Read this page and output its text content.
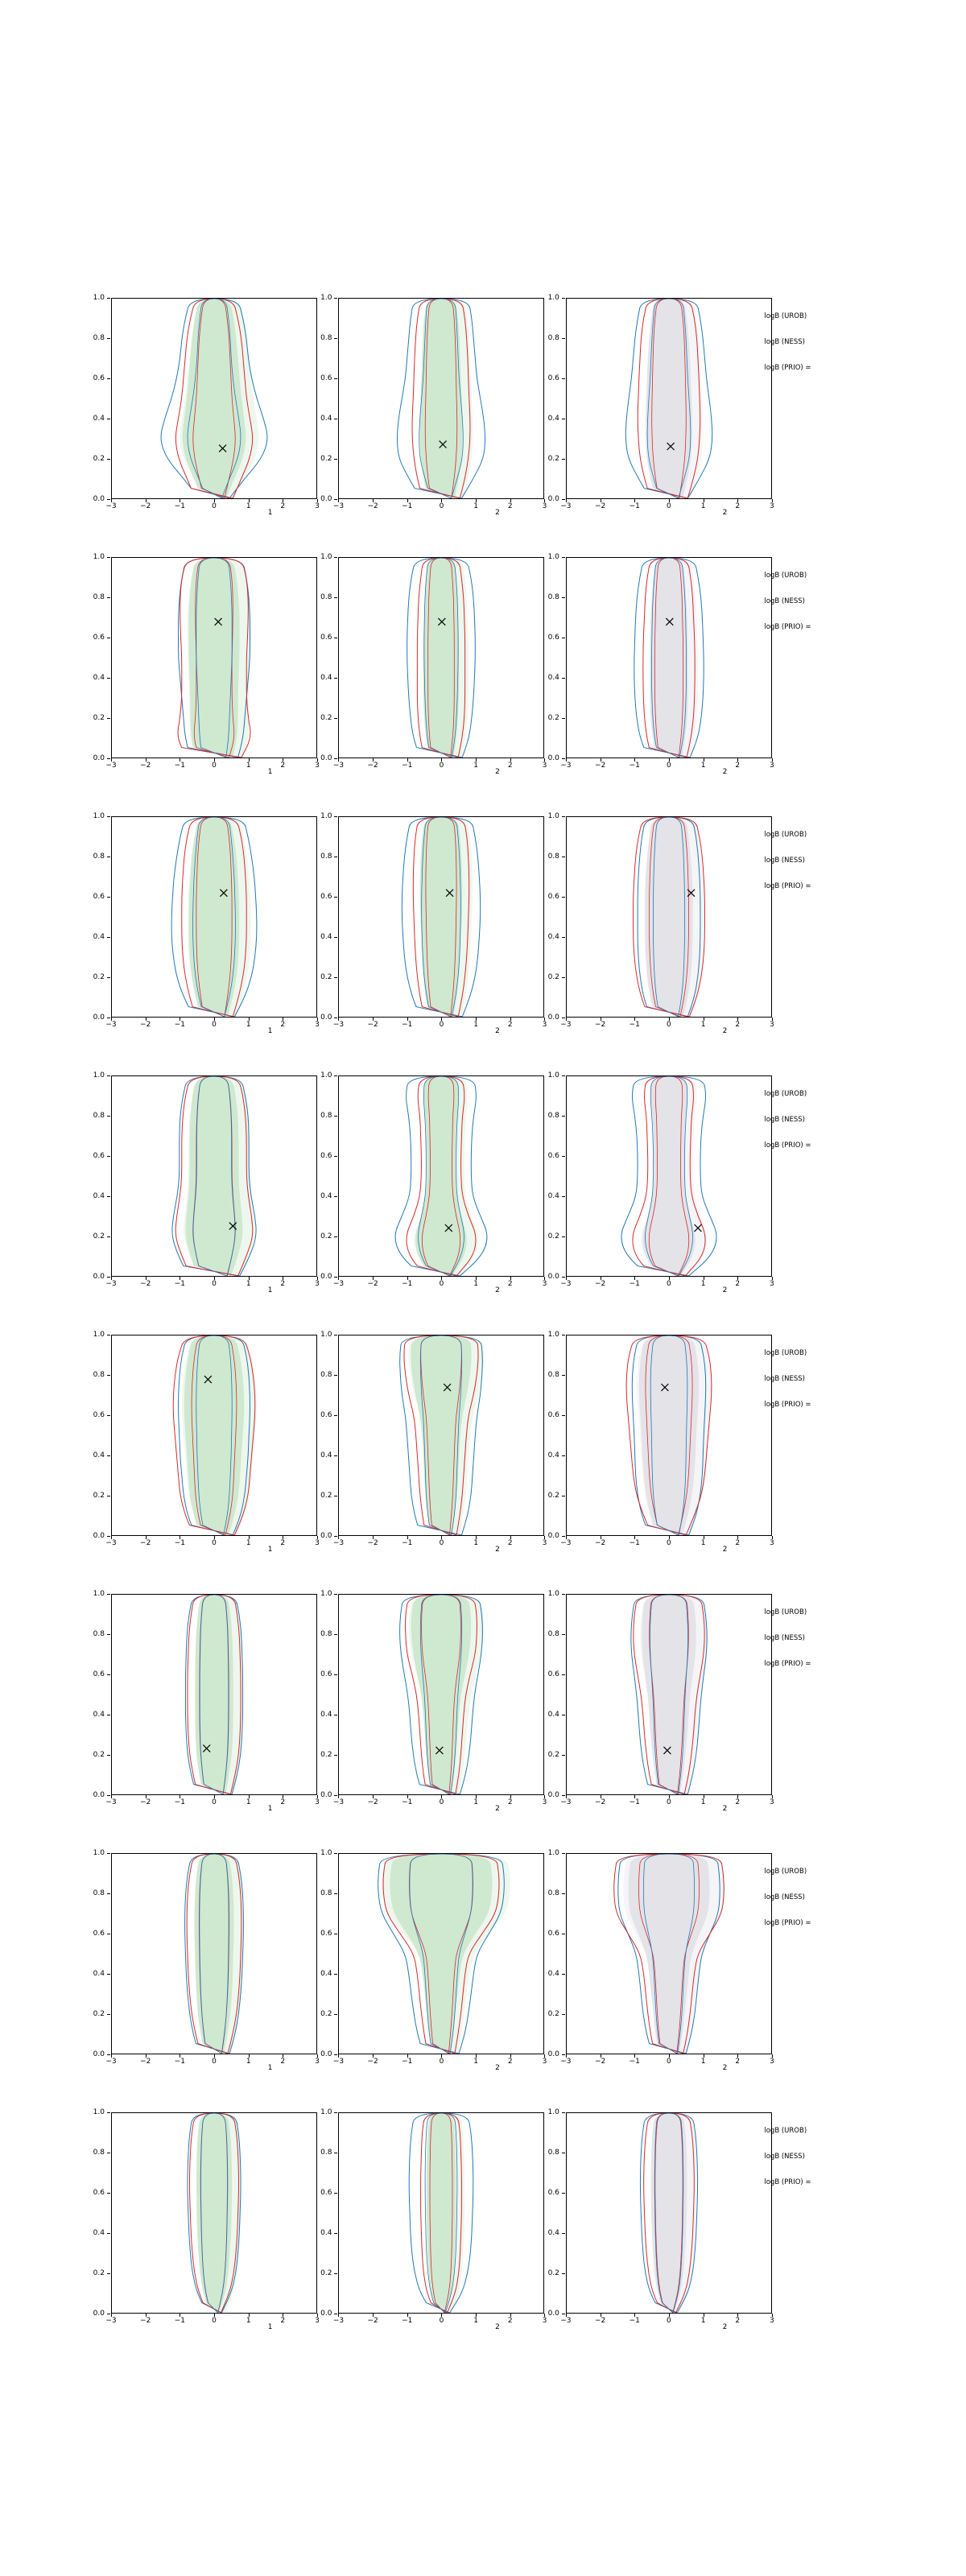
0.0
0.2
0.4
0.6
0.8
1.0
−3	−2	−1	0	1	2	3
1
0.0
0.2
0.4
0.6
0.8
1.0
−3	−2	−1	0	1	2	3
2
0.0
0.2
0.4
0.6
0.8
1.0
−3	−2	−1	0	1	2	3
2
logB (UROB)
logB (NESS)
logB (PRIO) =
0.0
0.2
0.4
0.6
0.8
1.0
−3	−2	−1	0	1	2	3
1
0.0
0.2
0.4
0.6
0.8
1.0
−3	−2	−1	0	1	2	3
2
0.0
0.2
0.4
0.6
0.8
1.0
−3	−2	−1	0	1	2	3
2
logB (UROB)
logB (NESS)
logB (PRIO) =
0.0
0.2
0.4
0.6
0.8
1.0
−3	−2	−1	0	1	2	3
1
0.0
0.2
0.4
0.6
0.8
1.0
−3	−2	−1	0	1	2	3
2
0.0
0.2
0.4
0.6
0.8
1.0
−3	−2	−1	0	1	2	3
2
logB (UROB)
logB (NESS)
logB (PRIO) =
0.0
0.2
0.4
0.6
0.8
1.0
−3	−2	−1	0	1	2	3
1
0.0
0.2
0.4
0.6
0.8
1.0
−3	−2	−1	0	1	2	3
2
0.0
0.2
0.4
0.6
0.8
1.0
−3	−2	−1	0	1	2	3
2
logB (UROB)
logB (NESS)
logB (PRIO) =
0.0
0.2
0.4
0.6
0.8
1.0
−3	−2	−1	0	1	2	3
1
0.0
0.2
0.4
0.6
0.8
1.0
−3	−2	−1	0	1	2	3
2
0.0
0.2
0.4
0.6
0.8
1.0
−3	−2	−1	0	1	2	3
2
logB (UROB)
logB (NESS)
logB (PRIO) =
0.0
0.2
0.4
0.6
0.8
1.0
−3	−2	−1	0	1	2	3
1
0.0
0.2
0.4
0.6
0.8
1.0
−3	−2	−1	0	1	2	3
2
0.0
0.2
0.4
0.6
0.8
1.0
−3	−2	−1	0	1	2	3
2
logB (UROB)
logB (NESS)
logB (PRIO) =
0.0
0.2
0.4
0.6
0.8
1.0
−3	−2	−1	0	1	2	3
1
0.0
0.2
0.4
0.6
0.8
1.0
−3	−2	−1	0	1	2	3
2
0.0
0.2
0.4
0.6
0.8
1.0
−3	−2	−1	0	1	2	3
2
logB (UROB)
logB (NESS)
logB (PRIO) =
0.0
0.2
0.4
0.6
0.8
1.0
−3	−2	−1	0	1	2	3
1
0.0
0.2
0.4
0.6
0.8
1.0
−3	−2	−1	0	1	2	3
2
0.0
0.2
0.4
0.6
0.8
1.0
−3	−2	−1	0	1	2	3
2
logB (UROB)
logB (NESS)
logB (PRIO) =
